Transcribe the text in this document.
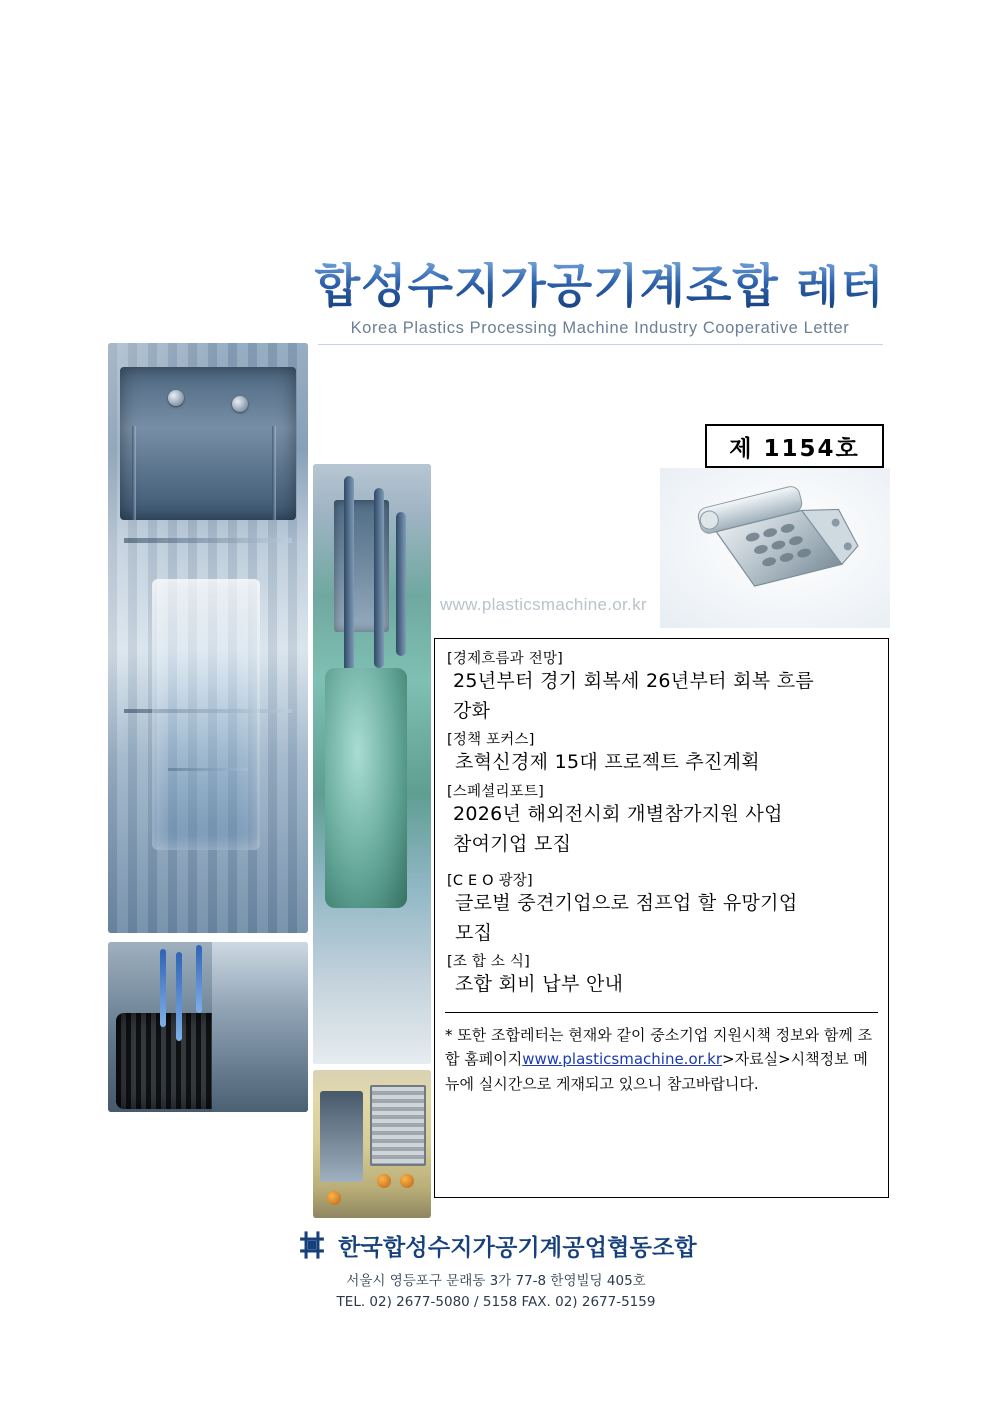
합성수지가공기계조합 레터
Korea Plastics Processing Machine Industry Cooperative Letter
제 1154호
www.plasticsmachine.or.kr
[경제흐름과 전망]
25년부터 경기 회복세 26년부터 회복 흐름
강화
[정책 포커스]
초혁신경제 15대 프로젝트 추진계획
[스페셜리포트]
2026년 해외전시회 개별참가지원 사업
참여기업 모집
[C E O 광장]
글로벌 중견기업으로 점프업 할 유망기업
모집
[조 합 소 식]
조합 회비 납부 안내
* 또한 조합레터는 현재와 같이 중소기업 지원시책 정보와 함께 조합 홈페이지www.plasticsmachine.or.kr>자료실>시책정보 메뉴에 실시간으로 게재되고 있으니 참고바랍니다.
한국합성수지가공기계공업협동조합
서울시 영등포구 문래동 3가 77-8 한영빌딩 405호
TEL. 02) 2677-5080 / 5158 FAX. 02) 2677-5159
